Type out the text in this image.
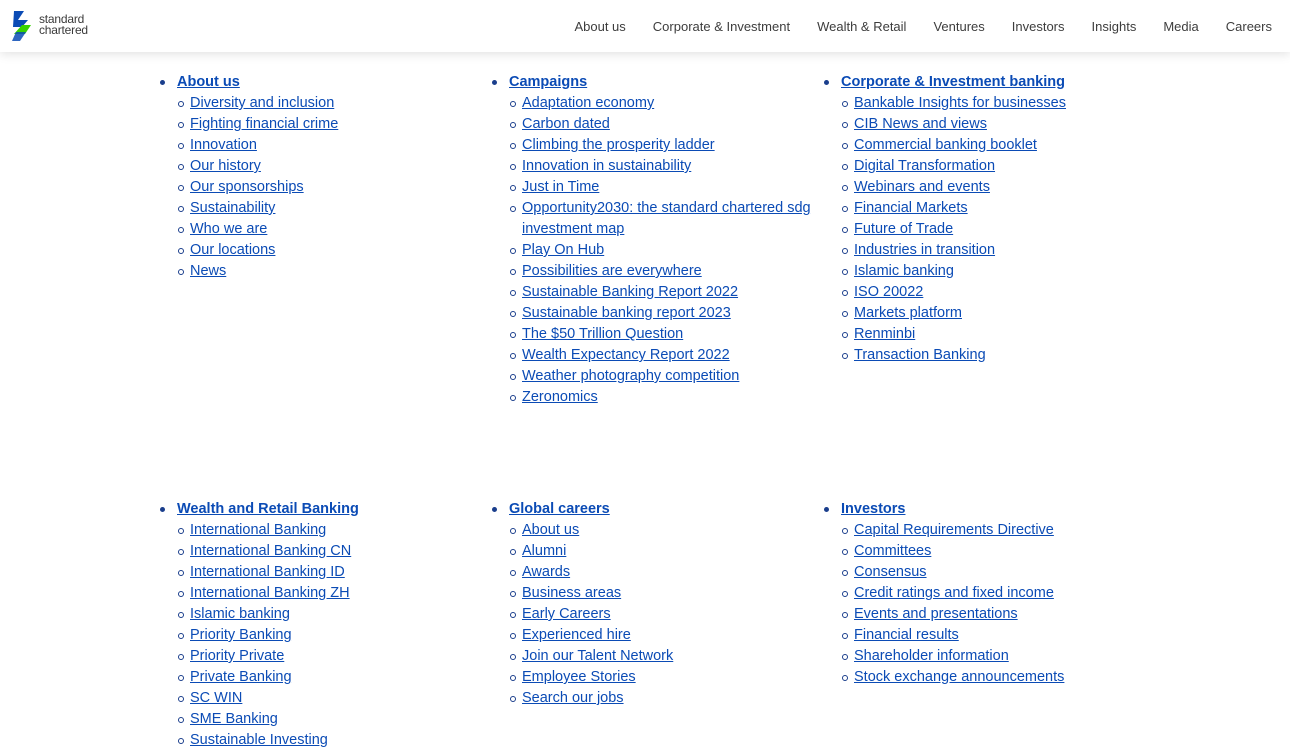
standard
chartered	About us Corporate & Investment Wealth & Retail Ventures Investors Insights Media Careers
About us
Diversity and inclusion
Fighting financial crime
Innovation
Our history
Our sponsorships
Sustainability
Who we are
Our locations
News
Campaigns
Adaptation economy
Carbon dated
Climbing the prosperity ladder
Innovation in sustainability
Just in Time
Opportunity2030: the standard chartered sdg investment map
Play On Hub
Possibilities are everywhere
Sustainable Banking Report 2022
Sustainable banking report 2023
The $50 Trillion Question
Wealth Expectancy Report 2022
Weather photography competition
Zeronomics
Corporate & Investment banking
Bankable Insights for businesses
CIB News and views
Commercial banking booklet
Digital Transformation
Webinars and events
Financial Markets
Future of Trade
Industries in transition
Islamic banking
ISO 20022
Markets platform
Renminbi
Transaction Banking
Wealth and Retail Banking
International Banking
International Banking CN
International Banking ID
International Banking ZH
Islamic banking
Priority Banking
Priority Private
Private Banking
SC WIN
SME Banking
Sustainable Investing
Global careers
About us
Alumni
Awards
Business areas
Early Careers
Experienced hire
Join our Talent Network
Employee Stories
Search our jobs
Investors
Capital Requirements Directive
Committees
Consensus
Credit ratings and fixed income
Events and presentations
Financial results
Shareholder information
Stock exchange announcements
